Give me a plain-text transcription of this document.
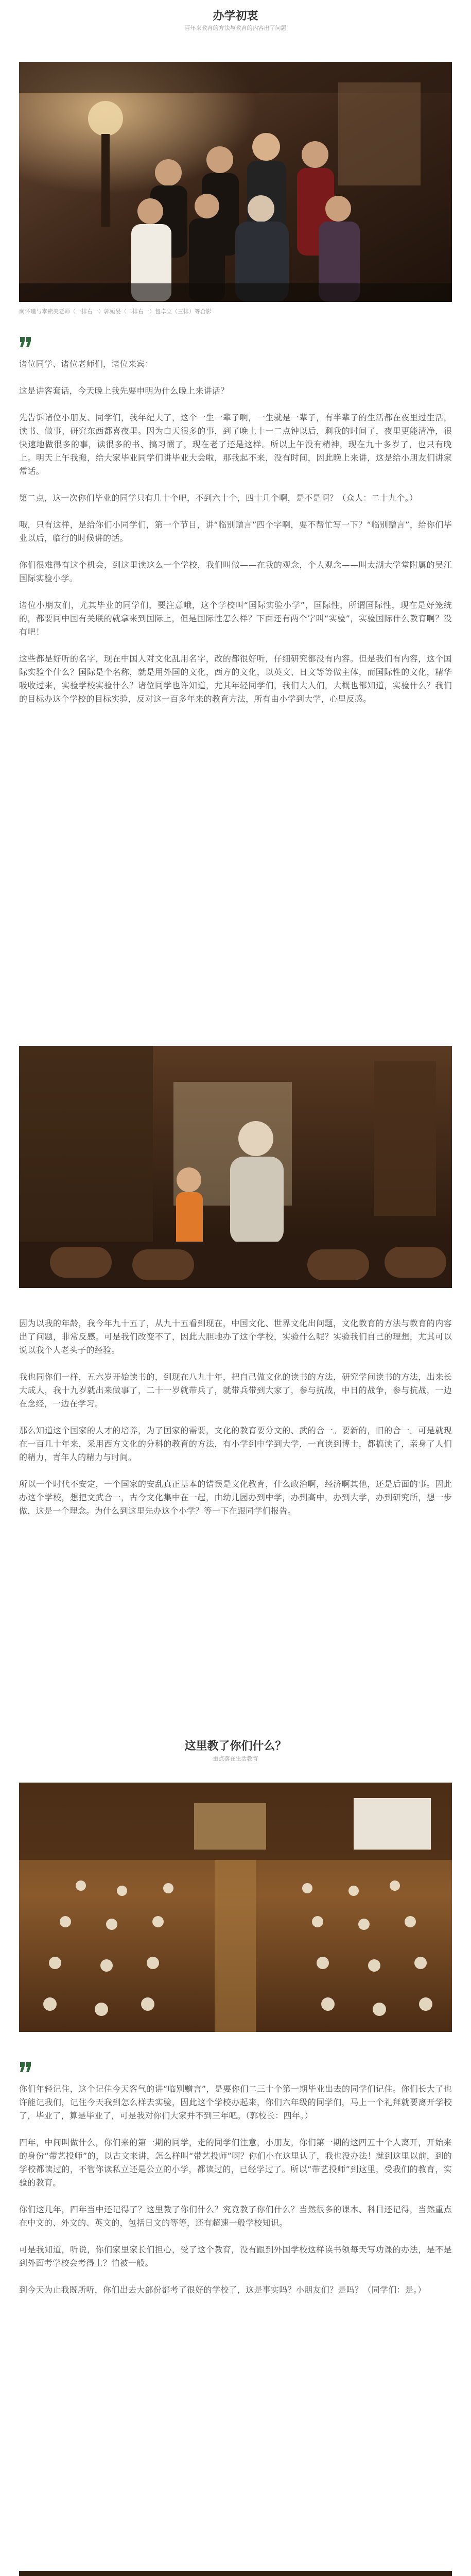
办学初衷
百年来教育的方法与教育的内容出了问题
南怀瑾与李素美老师（一排右一）郭姮妟（二排右一）包卓立（三排）等合影

诸位同学、诸位老师们，诸位来宾：

这是讲客套话，今天晚上我先要申明为什么晚上来讲话？

先告诉诸位小朋友、同学们，我年纪大了，这个一生一辈子啊，一生就是一辈子，有半辈子的生活都在夜里过生活，读书、做事、研究东西都喜夜里。因为白天很多的事，到了晚上十一二点钟以后，剩我的时间了，夜里更能清净，很快速地做很多的事，读很多的书、搞习惯了，现在老了还是这样。所以上午没有精神，现在九十多岁了，也只有晚上。明天上午我搬，给大家毕业同学们讲毕业大会啦，那我起不来，没有时间，因此晚上来讲，这是给小朋友们讲家常话。

第二点，这一次你们毕业的同学只有几十个吧，不到六十个，四十几个啊，是不是啊？（众人：二十九个。）

哦，只有这样，是给你们小同学们，第一个节目，讲“临别赠言”四个字啊，要不帮忙写一下？“临别赠言”，给你们毕业以后，临行的时候讲的话。

你们很难得有这个机会，到这里读这么一个学校，我们叫做——在我的观念，个人观念——叫太湖大学堂附属的吴江国际实验小学。

诸位小朋友们，尤其毕业的同学们，要注意哦，这个学校叫“国际实验小学”，国际性，所谓国际性，现在是好笼统的，都要同中国有关联的就拿来到国际上，但是国际性怎么样？下面还有两个字叫“实验”，实验国际什么教育啊？没有吧！

这些都是好听的名字，现在中国人对文化乱用名字，改的都很好听，仔细研究都没有内容。但是我们有内容，这个国际实验个什么？国际是个名称，就是用外国的文化，西方的文化，以英文、日文等等做主体，而国际性的文化，精华吸收过来，实验学校实验什么？诸位同学也许知道，尤其年轻同学们，我们大人们，大概也都知道，实验什么？我们的目标办这个学校的目标实验，反对这一百多年来的教育方法，所有由小学到大学，心里反感。

因为以我的年龄，我今年九十五了，从九十五看到现在，中国文化、世界文化出问题，文化教育的方法与教育的内容出了问题，非常反感。可是我们改变不了，因此大胆地办了这个学校，实验什么呢？实验我们自己的理想，尤其可以说以我个人老头子的经验。

我也同你们一样，五六岁开始读书的，到现在八九十年，把自己做文化的读书的方法，研究学问读书的方法，出来长大成人，我十九岁就出来做事了，二十一岁就带兵了，就带兵带到大家了，参与抗战，中日的战争，参与抗战，一边在念经，一边在学习。

那么知道这个国家的人才的培养，为了国家的需要，文化的教育要分文的、武的合一。要新的，旧的合一。可是就现在一百几十年来，采用西方文化的分科的教育的方法，有小学到中学到大学，一直读到博士，都搞读了，亲身了人们的精力，青年人的精力与时间。

所以一个时代不安定，一个国家的安乱真正基本的错误是文化教育，什么政治啊，经济啊其他，还是后面的事。因此办这个学校，想把文武合一，古今文化集中在一起，由幼儿园办到中学，办到高中，办到大学，办到研究所，想一步做，这是一个理念。为什么到这里先办这个小学？等一下在跟同学们报告。

这里教了你们什么？
重点落在生活教育

你们年轻记住，这个记住今天客气的讲“临别赠言”，是要你们二三十个第一期毕业出去的同学们记住。你们长大了也许能记我们，记住今天我到怎么样去实验，因此这个学校办起来，你们六年级的同学们，马上一个礼拜就要离开学校了，毕业了，算是毕业了，可是我对你们大家并不到三年吧。（郭校长：四年。）

四年，中间叫做什么，你们来的第一期的同学，走的同学们注意，小朋友，你们第一期的这四五十个人离开，开始来的身份“带艺投师”的，以古文来讲，怎么样叫“带艺投师”啊？你们小在这里认了，我也没办法！就到这里以前，到的学校都读过的，不管你读私立还是公立的小学，都读过的，已经学过了。所以“带艺投师”到这里，受我们的教育，实验的教育。

你们这几年，四年当中还记得了？这里教了你们什么？究竟教了你们什么？当然很多的课本、科目还记得，当然重点在中文的、外文的、英文的，包括日文的等等，还有超速一般学校知识。

可是我知道，听说，你们家里家长们担心，受了这个教育，没有跟到外国学校这样读书领每天写功课的办法，是不是到外面考学校会考得上？怕被一般。

到今天为止我既所听，你们出去大部份都考了很好的学校了，这是事实吗？小朋友们？是吗？（同学们：是。）
